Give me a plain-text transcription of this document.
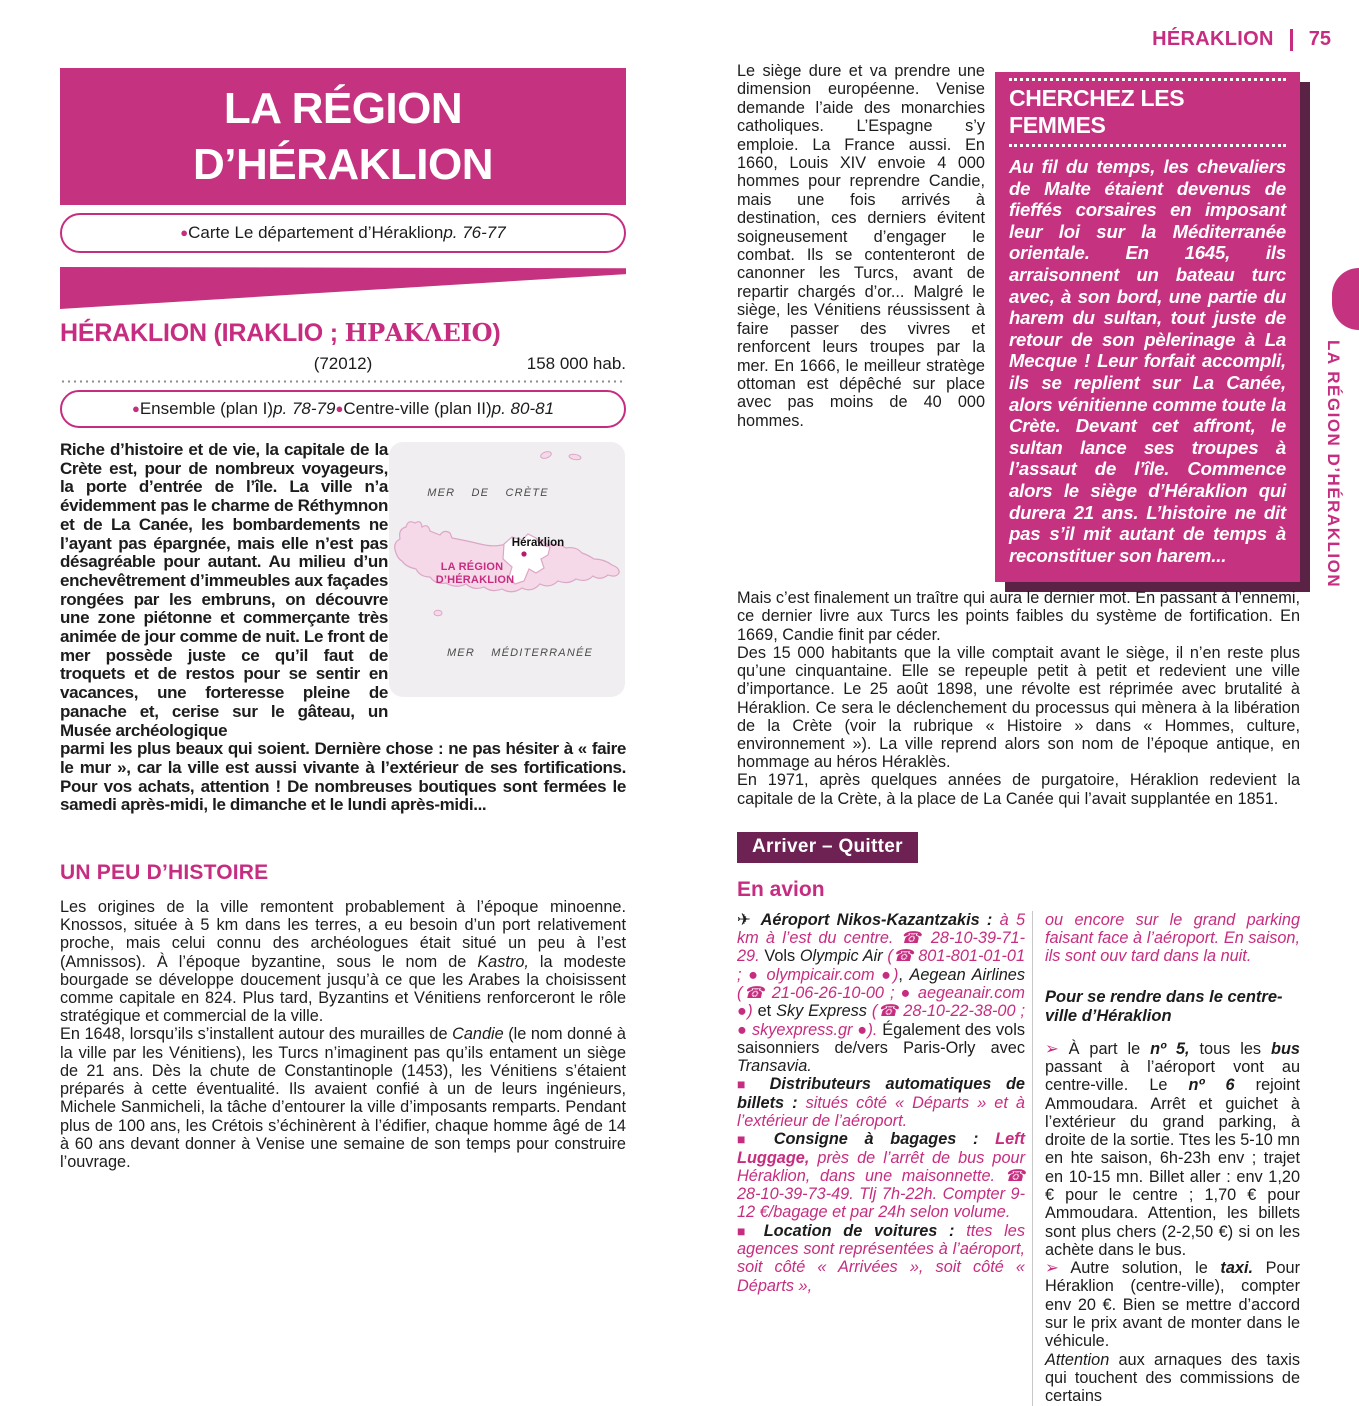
HÉRAKLION 75
LA RÉGION D’HÉRAKLION
LA RÉGION
D’HÉRAKLION
● Carte Le département d’Héraklion p. 76-77
HÉRAKLION (IRAKLIO ; ΗΡΑΚΛΕΙΟ)
(72012)	158 000 hab.
● Ensemble (plan I) p. 78-79 ● Centre-ville (plan II) p. 80-81
Riche d’histoire et de vie, la capitale de la Crète est, pour de nombreux voyageurs, la porte d’entrée de l’île. La ville n’a évidemment pas le charme de Réthymnon et de La Canée, les bombardements ne l’ayant pas épargnée, mais elle n’est pas désagréable pour autant. Au milieu d’un enchevêtrement d’immeubles aux façades rongées par les embruns, on découvre une zone piétonne et commerçante très animée de jour comme de nuit. Le front de mer possède juste ce qu’il faut de troquets et de restos pour se sentir en vacances, une forteresse pleine de panache et, cerise sur le gâteau, un Musée archéologique
MER DE CRÈTE
MER MÉDITERRANÉE
LA RÉGION
D’HÉRAKLION
Héraklion
parmi les plus beaux qui soient. Dernière chose : ne pas hésiter à « faire le mur », car la ville est aussi vivante à l’extérieur de ses fortifications. Pour vos achats, attention ! De nombreuses boutiques sont fermées le samedi après-midi, le dimanche et le lundi après-midi...
UN PEU D’HISTOIRE

Les origines de la ville remontent probablement à l’époque minoenne. Knossos, située à 5 km dans les terres, a eu besoin d’un port relativement proche, mais celui connu des archéologues était situé un peu à l’est (Amnissos). À l’époque byzantine, sous le nom de Kastro, la modeste bourgade se développe doucement jusqu’à ce que les Arabes la choisissent comme capitale en 824. Plus tard, Byzantins et Vénitiens renforceront le rôle stratégique et commercial de la ville.

En 1648, lorsqu’ils s’installent autour des murailles de Candie (le nom donné à la ville par les Vénitiens), les Turcs n’imaginent pas qu’ils entament un siège de 21 ans. Dès la chute de Constantinople (1453), les Vénitiens s’étaient préparés à cette éventualité. Ils avaient confié à un de leurs ingénieurs, Michele Sanmicheli, la tâche d’entourer la ville d’imposants remparts. Pendant plus de 100 ans, les Crétois s’échinèrent à l’édifier, chaque homme âgé de 14 à 60 ans devant donner à Venise une semaine de son temps pour construire l’ouvrage.

Le siège dure et va prendre une dimension européenne. Venise demande l’aide des monarchies catholiques. L’Espagne s’y emploie. La France aussi. En 1660, Louis XIV envoie 4 000 hommes pour reprendre Candie, mais une fois arrivés à destination, ces derniers évitent soigneusement d’engager le combat. Ils se contenteront de canonner les Turcs, avant de repartir chargés d’or... Malgré le siège, les Vénitiens réussissent à faire passer des vivres et renforcent leurs troupes par la mer. En 1666, le meilleur stratège ottoman est dépêché sur place avec pas moins de 40 000 hommes.
CHERCHEZ LES FEMMES
Au fil du temps, les chevaliers de Malte étaient devenus de fieffés corsaires en imposant leur loi sur la Méditerranée orientale. En 1645, ils arraisonnent un bateau turc avec, à son bord, une partie du harem du sultan, tout juste de retour de son pèlerinage à La Mecque ! Leur forfait accompli, ils se replient sur La Canée, alors vénitienne comme toute la Crète. Devant cet affront, le sultan lance ses troupes à l’assaut de l’île. Commence alors le siège d’Héraklion qui durera 21 ans. L’histoire ne dit pas s’il mit autant de temps à reconstituer son harem...

Mais c’est finalement un traître qui aura le dernier mot. En passant à l’ennemi, ce dernier livre aux Turcs les points faibles du système de fortification. En 1669, Candie finit par céder.

Des 15 000 habitants que la ville comptait avant le siège, il n’en reste plus qu’une cinquantaine. Elle se repeuple petit à petit et redevient une ville d’importance. Le 25 août 1898, une révolte est réprimée avec brutalité à Héraklion. Ce sera le déclenchement du processus qui mènera à la libération de la Crète (voir la rubrique « Histoire » dans « Hommes, culture, environnement »). La ville reprend alors son nom de l’époque antique, en hommage au héros Héraklès.

En 1971, après quelques années de purgatoire, Héraklion redevient la capitale de la Crète, à la place de La Canée qui l’avait supplantée en 1851.

Arriver – Quitter
En avion

✈ Aéroport Nikos-Kazantzakis : à 5 km à l’est du centre. ☎ 28-10-39-71-29. Vols Olympic Air (☎ 801-801-01-01 ; ● olympicair.com ●), Aegean Airlines (☎ 21-06-26-10-00 ; ● aegeanair.com ●) et Sky Express (☎ 28-10-22-38-00 ; ● skyexpress.gr ●). Également des vols saisonniers de/vers Paris-Orly avec Transavia.

■ Distributeurs automatiques de billets : situés côté « Départs » et à l’extérieur de l’aéroport.

■ Consigne à bagages : Left Luggage, près de l’arrêt de bus pour Héraklion, dans une maisonnette. ☎ 28-10-39-73-49. Tlj 7h-22h. Compter 9-12 €/bagage et par 24h selon volume.

■ Location de voitures : ttes les agences sont représentées à l’aéroport, soit côté « Arrivées », soit côté « Départs »,

ou encore sur le grand parking faisant face à l’aéroport. En saison, ils sont ouv tard dans la nuit.

Pour se rendre dans le centre-ville d’Héraklion

➢ À part le nº 5, tous les bus passant à l’aéroport vont au centre-ville. Le nº 6 rejoint Ammoudara. Arrêt et guichet à l’extérieur du grand parking, à droite de la sortie. Ttes les 5-10 mn en hte saison, 6h-23h env ; trajet en 10-15 mn. Billet aller : env 1,20 € pour le centre ; 1,70 € pour Ammoudara. Attention, les billets sont plus chers (2-2,50 €) si on les achète dans le bus.

➢ Autre solution, le taxi. Pour Héraklion (centre-ville), compter env 20 €. Bien se mettre d’accord sur le prix avant de monter dans le véhicule.

Attention aux arnaques des taxis qui touchent des commissions de certains
